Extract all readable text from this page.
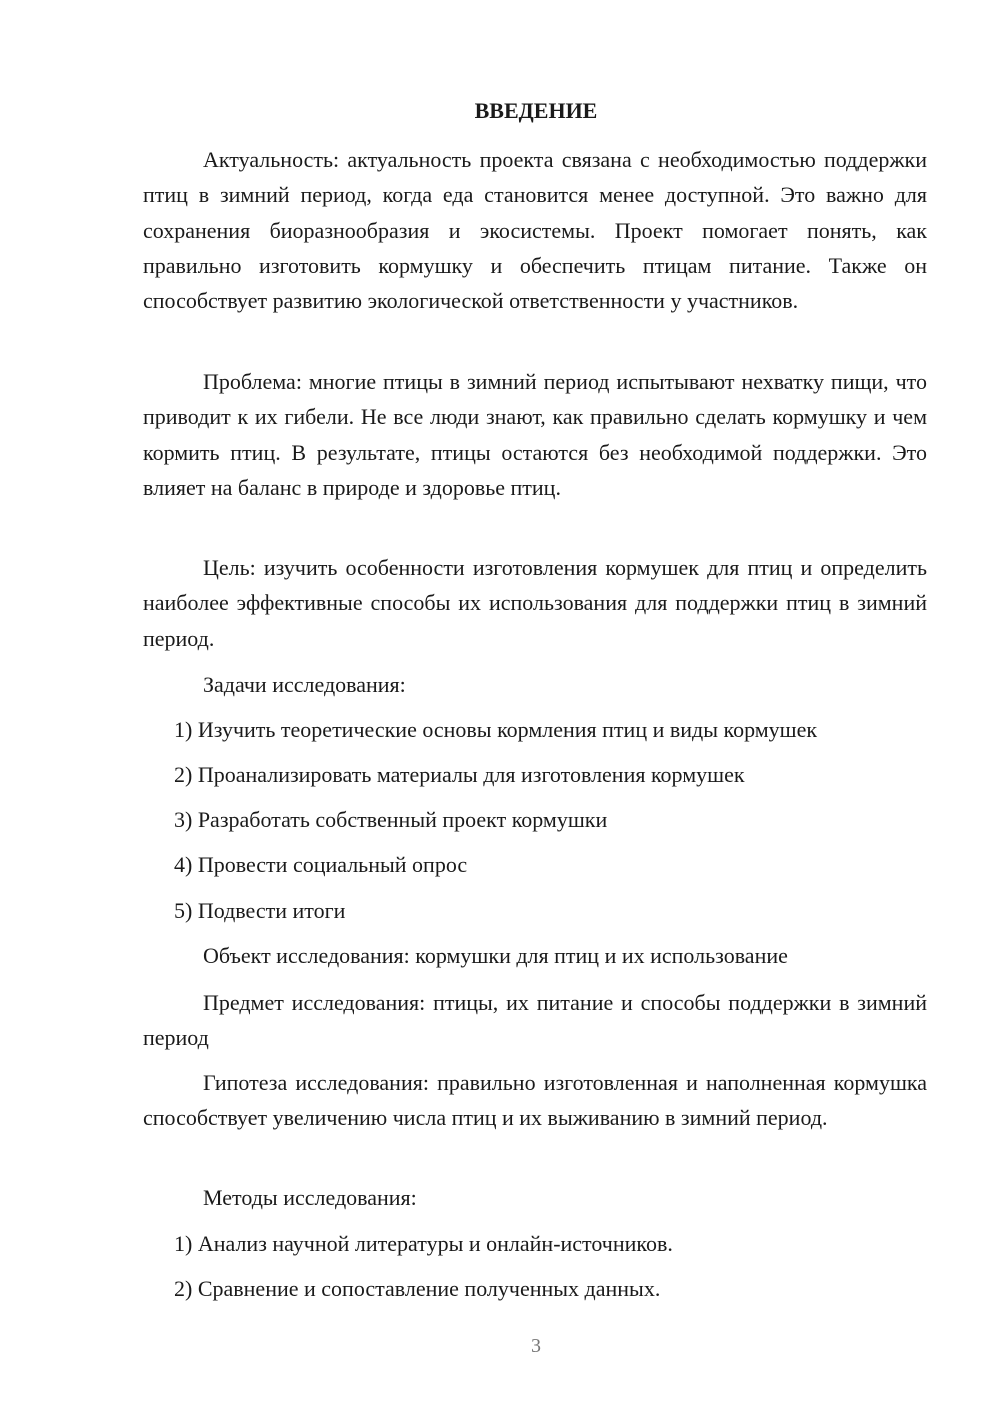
ВВЕДЕНИЕ

Актуальность: актуальность проекта связана с необходимостью поддержки птиц в зимний период, когда еда становится менее доступной. Это важно для сохранения биоразнообразия и экосистемы. Проект помогает понять, как правильно изготовить кормушку и обеспечить птицам питание. Также он способствует развитию экологической ответственности у участников.

Проблема: многие птицы в зимний период испытывают нехватку пищи, что приводит к их гибели. Не все люди знают, как правильно сделать кормушку и чем кормить птиц. В результате, птицы остаются без необходимой поддержки. Это влияет на баланс в природе и здоровье птиц.

Цель: изучить особенности изготовления кормушек для птиц и определить наиболее эффективные способы их использования для поддержки птиц в зимний период.

Задачи исследования:
1) Изучить теоретические основы кормления птиц и виды кормушек
2) Проанализировать материалы для изготовления кормушек
3) Разработать собственный проект кормушки
4) Провести социальный опрос
5) Подвести итоги
Объект исследования: кормушки для птиц и их использование

Предмет исследования: птицы, их питание и способы поддержки в зимний период

Гипотеза исследования: правильно изготовленная и наполненная кормушка способствует увеличению числа птиц и их выживанию в зимний период.

Методы исследования:
1) Анализ научной литературы и онлайн-источников.
2) Сравнение и сопоставление полученных данных.
3
